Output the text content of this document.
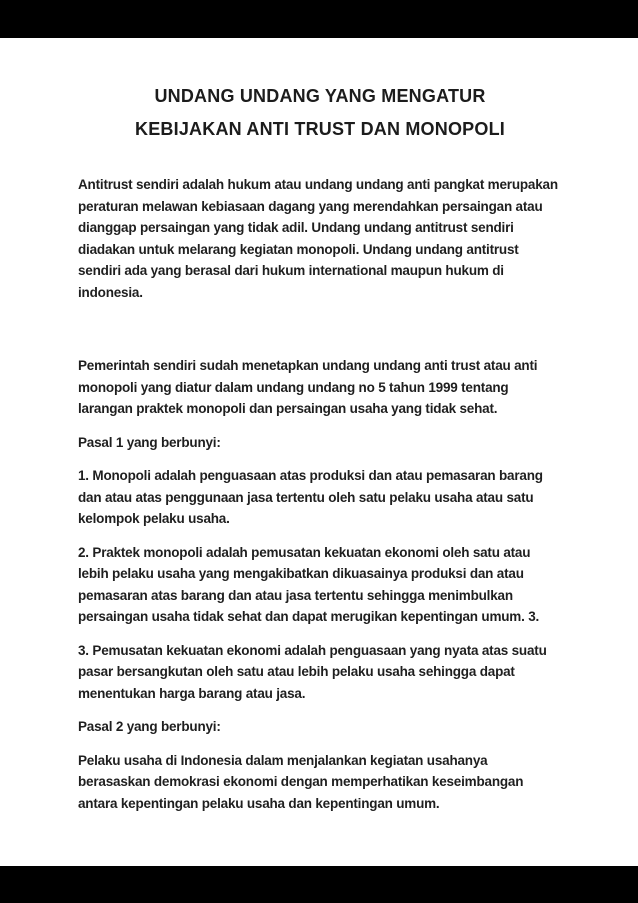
UNDANG UNDANG YANG MENGATUR
KEBIJAKAN ANTI TRUST DAN MONOPOLI

Antitrust sendiri adalah hukum atau undang undang anti pangkat merupakan peraturan melawan kebiasaan dagang yang merendahkan persaingan atau dianggap persaingan yang tidak adil. Undang undang antitrust sendiri diadakan untuk melarang kegiatan monopoli. Undang undang antitrust sendiri ada yang berasal dari hukum international maupun hukum di indonesia.

Pemerintah sendiri sudah menetapkan undang undang anti trust atau anti monopoli yang diatur dalam undang undang no 5 tahun 1999 tentang larangan praktek monopoli dan persaingan usaha yang tidak sehat.

Pasal 1 yang berbunyi:

1. Monopoli adalah penguasaan atas produksi dan atau pemasaran barang dan atau atas penggunaan jasa tertentu oleh satu pelaku usaha atau satu kelompok pelaku usaha.

2. Praktek monopoli adalah pemusatan kekuatan ekonomi oleh satu atau lebih pelaku usaha yang mengakibatkan dikuasainya produksi dan atau pemasaran atas barang dan atau jasa tertentu sehingga menimbulkan persaingan usaha tidak sehat dan dapat merugikan kepentingan umum. 3.

3. Pemusatan kekuatan ekonomi adalah penguasaan yang nyata atas suatu pasar bersangkutan oleh satu atau lebih pelaku usaha sehingga dapat menentukan harga barang atau jasa.

Pasal 2 yang berbunyi:

Pelaku usaha di Indonesia dalam menjalankan kegiatan usahanya berasaskan demokrasi ekonomi dengan memperhatikan keseimbangan antara kepentingan pelaku usaha dan kepentingan umum.
